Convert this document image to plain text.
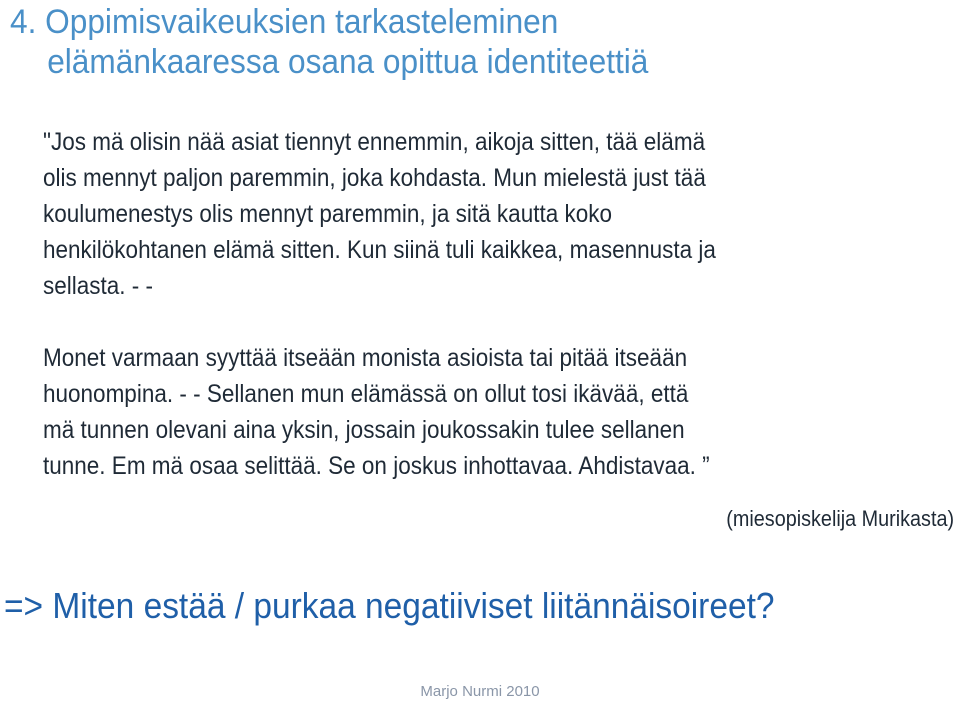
4. Oppimisvaikeuksien tarkasteleminen
elämänkaaressa osana opittua identiteettiä

"Jos mä olisin nää asiat tiennyt ennemmin, aikoja sitten, tää elämä

olis mennyt paljon paremmin, joka kohdasta. Mun mielestä just tää

koulumenestys olis mennyt paremmin, ja sitä kautta koko

henkilökohtanen elämä sitten. Kun siinä tuli kaikkea, masennusta ja

sellasta. - -

Monet varmaan syyttää itseään monista asioista tai pitää itseään

huonompina. - - Sellanen mun elämässä on ollut tosi ikävää, että

mä tunnen olevani aina yksin, jossain joukossakin tulee sellanen

tunne. Em mä osaa selittää. Se on joskus inhottavaa. Ahdistavaa. ”

(miesopiskelija Murikasta)

=> Miten estää / purkaa negatiiviset liitännäisoireet?
Marjo Nurmi 2010
